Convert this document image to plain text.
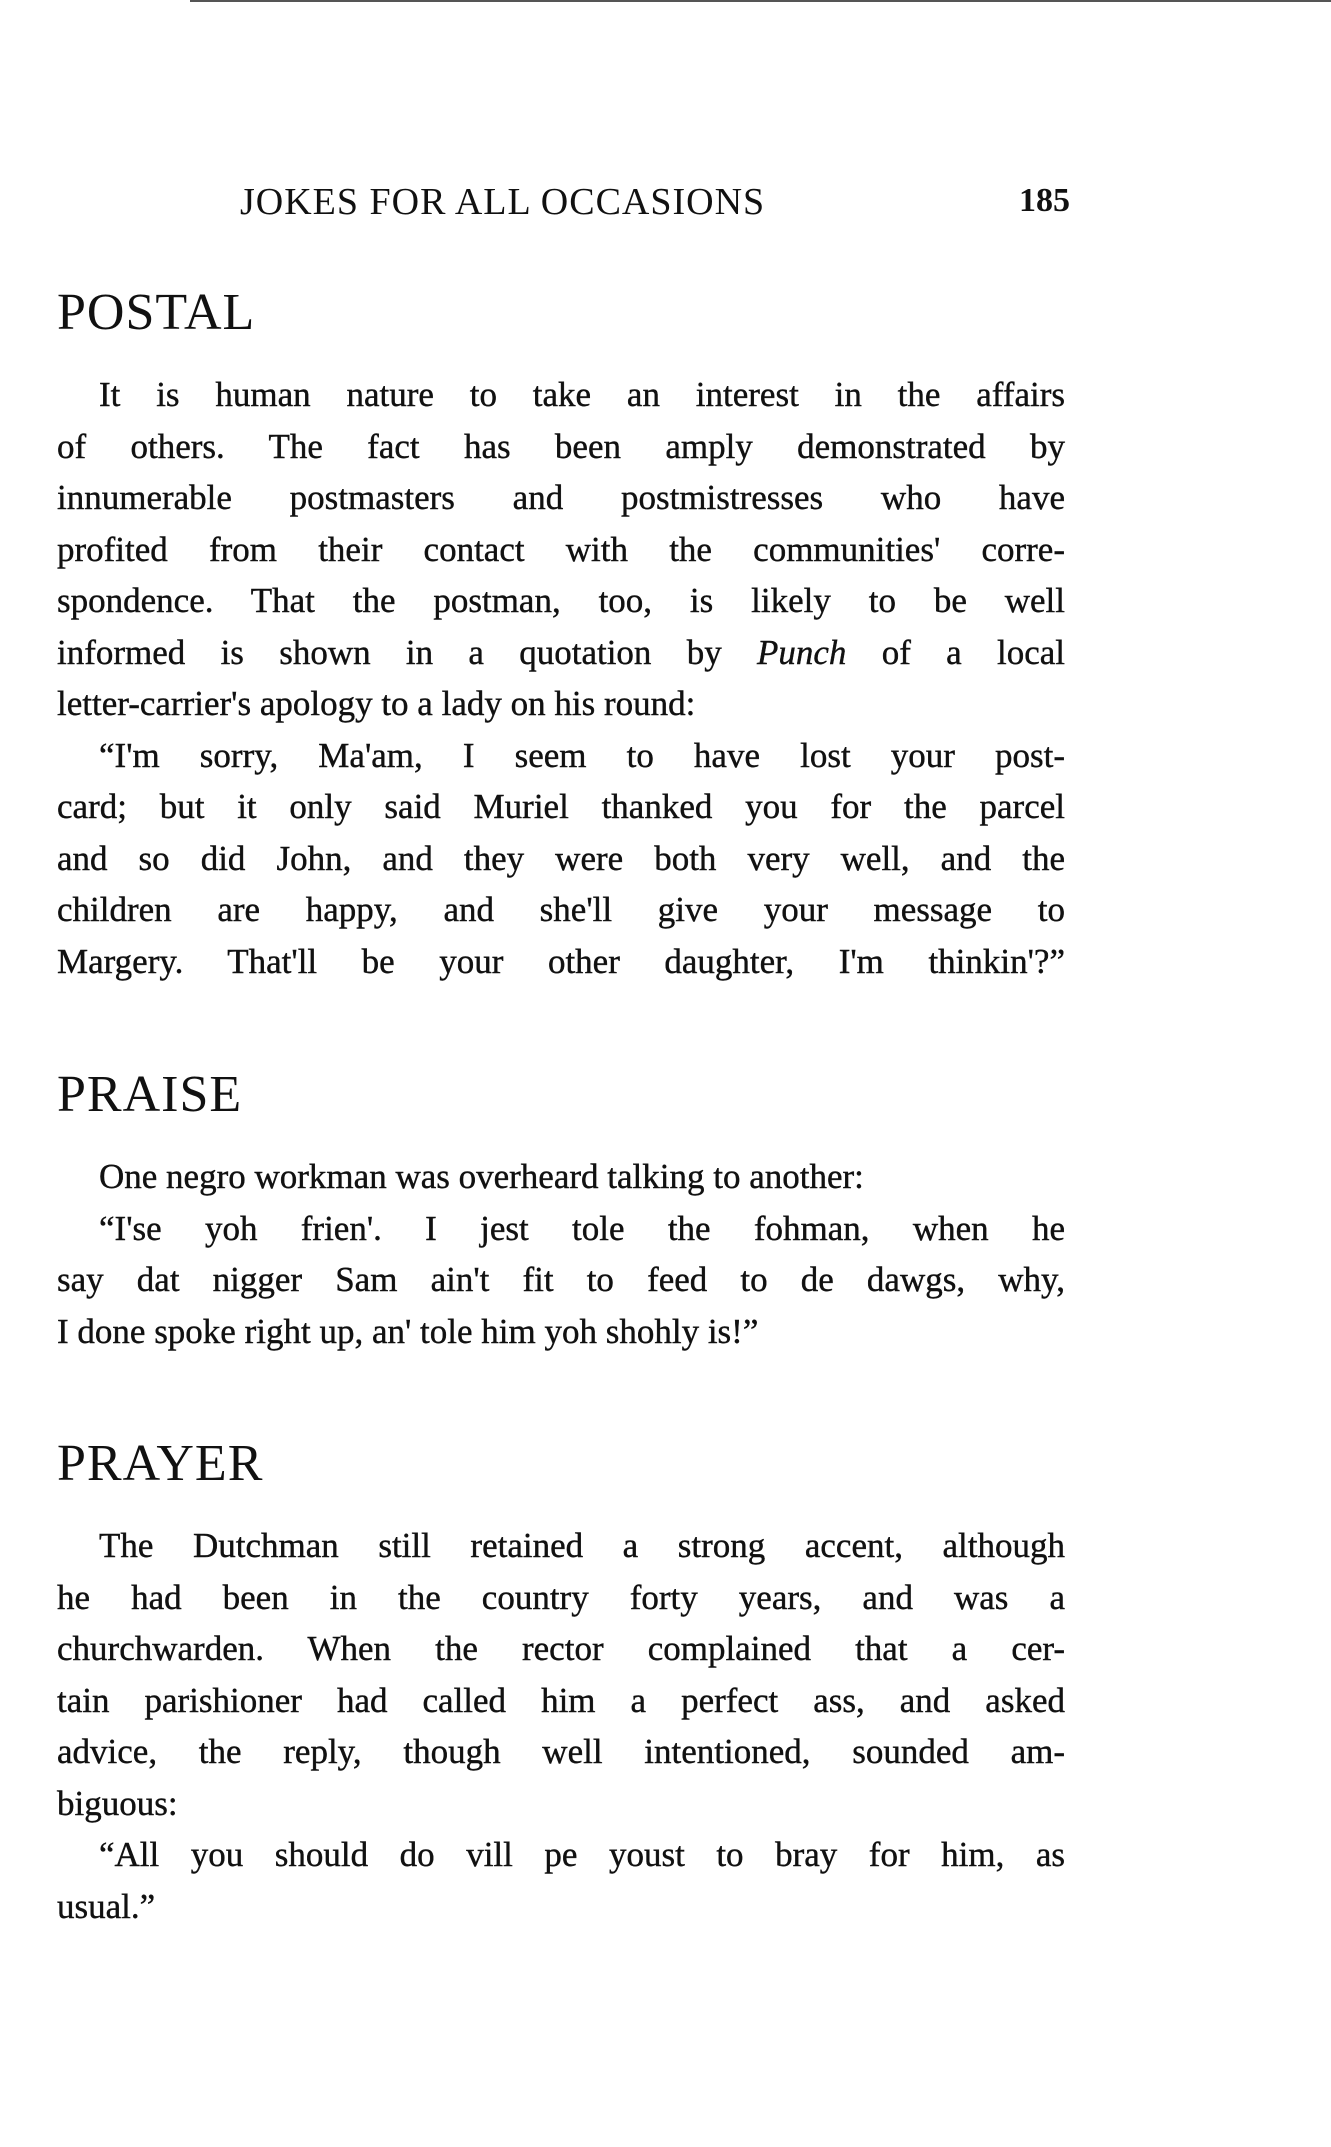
JOKES FOR ALL OCCASIONS	185
POSTAL
It is human nature to take an interest in the affairs
of others. The fact has been amply demonstrated by
innumerable postmasters and postmistresses who have
profited from their contact with the communities' corre-
spondence. That the postman, too, is likely to be well
informed is shown in a quotation by Punch of a local
letter-carrier's apology to a lady on his round:
“I'm sorry, Ma'am, I seem to have lost your post-
card; but it only said Muriel thanked you for the parcel
and so did John, and they were both very well, and the
children are happy, and she'll give your message to
Margery. That'll be your other daughter, I'm thinkin'?”
PRAISE
One negro workman was overheard talking to another:
“I'se yoh frien'. I jest tole the fohman, when he
say dat nigger Sam ain't fit to feed to de dawgs, why,
I done spoke right up, an' tole him yoh shohly is!”
PRAYER
The Dutchman still retained a strong accent, although
he had been in the country forty years, and was a
churchwarden. When the rector complained that a cer-
tain parishioner had called him a perfect ass, and asked
advice, the reply, though well intentioned, sounded am-
biguous:
“All you should do vill pe youst to bray for him, as
usual.”
